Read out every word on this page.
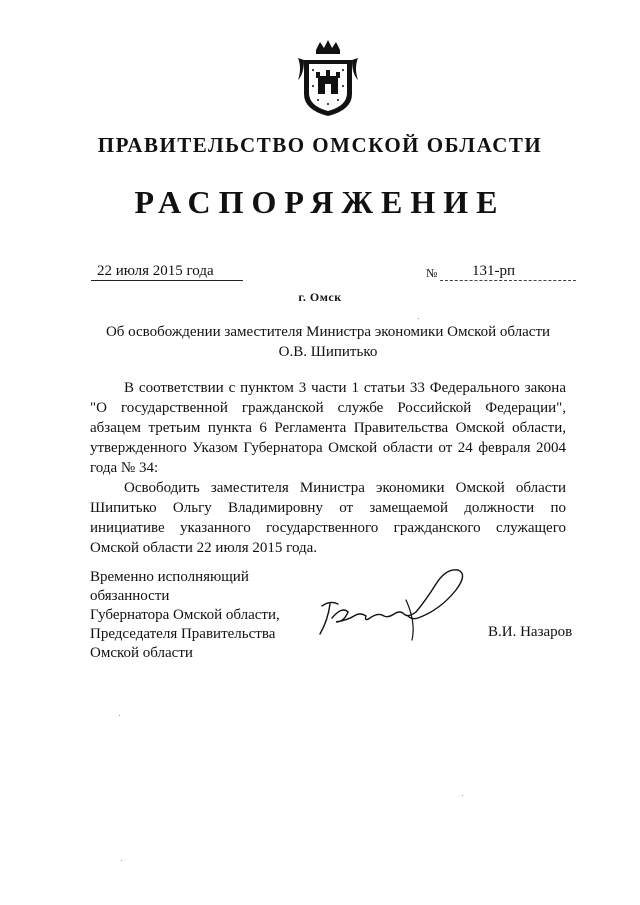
ПРАВИТЕЛЬСТВО ОМСКОЙ ОБЛАСТИ
РАСПОРЯЖЕНИЕ
22 июля 2015 года	№	131-рп
г. Омск
Об освобождении заместителя Министра экономики Омской области
О.В. Шипитько

В соответствии с пунктом 3 части 1 статьи 33 Федерального закона "О государственной гражданской службе Российской Федерации", абзацем третьим пункта 6 Регламента Правительства Омской области, утвержденного Указом Губернатора Омской области от 24 февраля 2004 года № 34:

Освободить заместителя Министра экономики Омской области Шипитько Ольгу Владимировну от замещаемой должности по инициативе указанного государственного гражданского служащего Омской области 22 июля 2015 года.

Временно исполняющий обязанности
Губернатора Омской области,
Председателя Правительства
Омской области
В.И. Назаров
